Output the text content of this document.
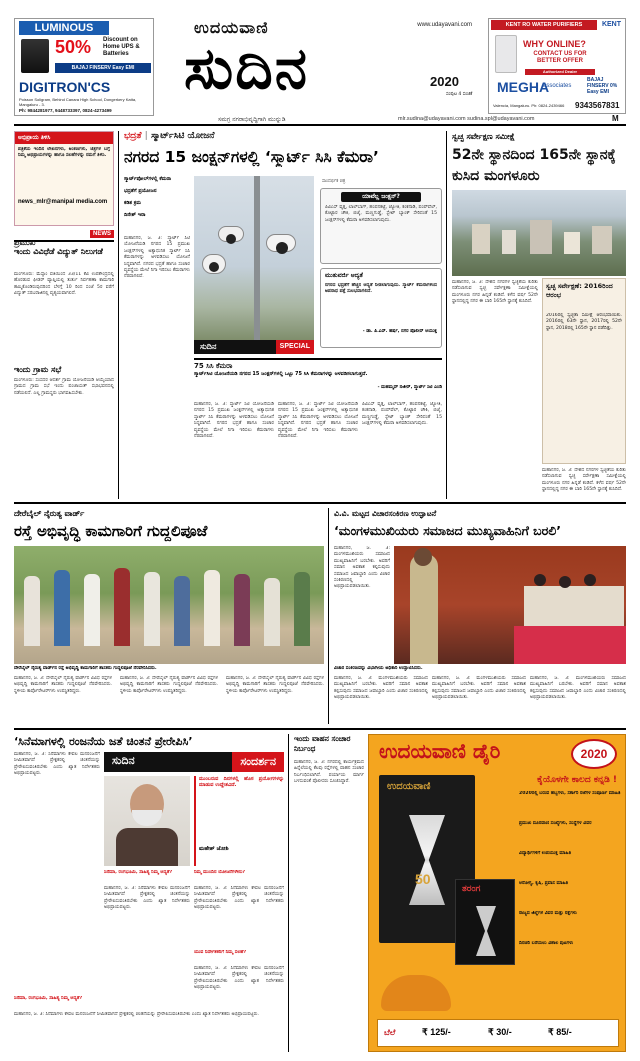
LUMINOUS
50% Discount on Home UPS & Batteries
BAJAJ FINSERV Easy EMI
DIGITRON'CS
Poisson Soligram, Behind Canara High School, Dongerkery Katta, Mangaluru - 3.
Ph: 9844281977, 9448733397, 0824-4273499
ಉದಯವಾಣಿ	www.udayavani.com
ಸುದಿನ	2020
ಸಂಪುಟ 4 ಸಂಚಿಕೆ
ಸಮಗ್ರ ನಗರಾಭಿವೃದ್ಧಿಗಾಗಿ ಮುನ್ನುಡಿ	mlr.sudina@udayavani.com sudina.spl@udayavani.com	M
KENT RO WATER PURIFIERS	KENT
WHY ONLINE?
CONTACT US FOR BETTER OFFER
Authorized Dealer
MEGHA
associates
BAJAJ FINSERV 0% Easy EMI
Valencia, Mangaluru. Ph: 0824-2439466	9343567831
ಅಭಿಪ್ರಾಯ ತಿಳಿಸಿ
ಪತ್ರಿಕೆಯ ಇಂದಿನ ಲೇಖನಗಳು, ಅಂಕಣಗಳು, ಚಿತ್ರಗಳ ಬಗ್ಗೆ ನಿಮ್ಮ ಅಭಿಪ್ರಾಯಗಳನ್ನು ಹಾಗೂ ಸಲಹೆಗಳನ್ನು ನಮಗೆ ತಿಳಿಸಿ.
news_mlr@manipal media.com
ಪ್ರಮುಖ
NEWS
ಇಂದು ವಿವಿಧೆಡೆ ವಿದ್ಯುತ್ ನಿಲುಗಡೆ
ಮಂಗಳೂರು: ಮೆಸ್ಕಾಂ ವತಿಯಿಂದ 33/11 ಕೆವಿ ಉಪಕೇಂದ್ರದಲ್ಲಿ ಹೊರಡುವ ಫೀಡರ್ ವ್ಯಾಪ್ತಿಯಲ್ಲಿ ತುರ್ತು ನಿರ್ವಹಣಾ ಕಾಮಗಾರಿ ಹಮ್ಮಿಕೊಂಡಿರುವುದರಿಂದ ಬೆಳಗ್ಗೆ 10 ರಿಂದ ಸಂಜೆ 5ರ ವರೆಗೆ ವಿದ್ಯುತ್ ಸರಬರಾಜಿನಲ್ಲಿ ವ್ಯತ್ಯಯವಾಗಲಿದೆ.
ಇಂದು ಗ್ರಾಮ ಸಭೆ
ಮಂಗಳೂರು: ಸಂಸದರ ಆದರ್ಶ ಗ್ರಾಮ ಯೋಜನೆಯಡಿ ಆಯ್ಕೆಯಾದ ಗ್ರಾಮದ ಗ್ರಾಮ ಸಭೆ ಇಂದು ಪಂಚಾಯತ್ ಸಭಾಭವನದಲ್ಲಿ ನಡೆಯಲಿದೆ. ಎಲ್ಲ ಗ್ರಾಮಸ್ಥರು ಭಾಗವಹಿಸಬೇಕು.
ಭದ್ರತೆ | ಸ್ಮಾರ್ಟ್‌ಸಿಟಿ ಯೋಜನೆ
ನಗರದ 15 ಜಂಕ್ಷನ್‌ಗಳಲ್ಲಿ ‘ಸ್ಮಾರ್ಟ್ ಸಿಸಿ ಕೆಮರಾ’
ಸ್ಮಾರ್ಟ್‌ಪೋಲ್‌ಗಳಲ್ಲಿ ಕೆಮರಾ
ಭದ್ರತೆಗೆ ಪ್ರಯೋಜನ
ಕಡಿತ ಕ್ರಮ
ದಿನೇಶ್ ಇರಾ
ಮಹಾನಗರ, ಜ. 3: ಸ್ಮಾರ್ಟ್‌ ಸಿಟಿ ಯೋಜನೆಯಡಿ ನಗರದ 15 ಪ್ರಮುಖ ಜಂಕ್ಷನ್‌ಗಳಲ್ಲಿ ಅತ್ಯಾಧುನಿಕ ಸ್ಮಾರ್ಟ್ ಸಿಸಿ ಕೆಮರಾಗಳನ್ನು ಅಳವಡಿಸಲು ಯೋಜನೆ ಸಿದ್ಧವಾಗಿದೆ. ನಗರದ ಭದ್ರತೆ ಹಾಗೂ ಸಂಚಾರ ವ್ಯವಸ್ಥೆಯ ಮೇಲೆ ನಿಗಾ ಇರಿಸಲು ಕೆಮರಾಗಳು ನೆರವಾಗಲಿವೆ.
ಸಾಂದರ್ಭಿಕ ಚಿತ್ರ
ಸುದಿನ	SPECIAL
ಯಾವೆಲ್ಲ ಜಂಕ್ಷನ್?
ಪಿವಿಎಸ್ ವೃತ್ತ, ಲಾಲ್‌ಬಾಗ್, ಹಂಪನಕಟ್ಟೆ, ಜ್ಯೋತಿ, ಕಂಕನಾಡಿ, ಪಂಪ್‌ವೆಲ್, ಕೊಟ್ಟಾರ ಚೌಕಿ, ಬಿಜೈ, ಮಣ್ಣಗುಡ್ಡೆ, ಸ್ಟೇಟ್ ಬ್ಯಾಂಕ್ ಸೇರಿದಂತೆ 15 ಜಂಕ್ಷನ್‌ಗಳಲ್ಲಿ ಕೆಮರಾ ಅಳವಡಿಸಲಾಗುವುದು.
ಮುತುವರ್ಜಿ ಆದ್ಯತೆ
ನಗರದ ಭದ್ರತೆಗೆ ಹೆಚ್ಚಿನ ಆದ್ಯತೆ ನೀಡಲಾಗುವುದು. ಸ್ಮಾರ್ಟ್ ಕೆಮರಾಗಳಿಂದ ಅಪರಾಧ ಪತ್ತೆ ಸುಲಭವಾಗಲಿದೆ.
- ಡಾ. ಪಿ.ಎಸ್. ಹರ್ಷ, ನಗರ ಪೊಲೀಸ್ ಆಯುಕ್ತ
75 ಸಿಸಿ ಕೆಮರಾ
ಸ್ಮಾರ್ಟ್‌ಸಿಟಿ ಯೋಜನೆಯಡಿ ನಗರದ 15 ಜಂಕ್ಷನ್‌ಗಳಲ್ಲಿ ಒಟ್ಟು 75 ಸಿಸಿ ಕೆಮರಾಗಳನ್ನು ಅಳವಡಿಸಲಾಗುತ್ತದೆ.
- ಮಹಮ್ಮದ್ ನಜೀರ್, ಸ್ಮಾರ್ಟ್ ಸಿಟಿ ಎಂಡಿ
ಮಹಾನಗರ, ಜ. 3: ಸ್ಮಾರ್ಟ್‌ ಸಿಟಿ ಯೋಜನೆಯಡಿ ನಗರದ 15 ಪ್ರಮುಖ ಜಂಕ್ಷನ್‌ಗಳಲ್ಲಿ ಅತ್ಯಾಧುನಿಕ ಸ್ಮಾರ್ಟ್ ಸಿಸಿ ಕೆಮರಾಗಳನ್ನು ಅಳವಡಿಸಲು ಯೋಜನೆ ಸಿದ್ಧವಾಗಿದೆ. ನಗರದ ಭದ್ರತೆ ಹಾಗೂ ಸಂಚಾರ ವ್ಯವಸ್ಥೆಯ ಮೇಲೆ ನಿಗಾ ಇರಿಸಲು ಕೆಮರಾಗಳು ನೆರವಾಗಲಿವೆ.
ಮಹಾನಗರ, ಜ. 3: ಸ್ಮಾರ್ಟ್‌ ಸಿಟಿ ಯೋಜನೆಯಡಿ ನಗರದ 15 ಪ್ರಮುಖ ಜಂಕ್ಷನ್‌ಗಳಲ್ಲಿ ಅತ್ಯಾಧುನಿಕ ಸ್ಮಾರ್ಟ್ ಸಿಸಿ ಕೆಮರಾಗಳನ್ನು ಅಳವಡಿಸಲು ಯೋಜನೆ ಸಿದ್ಧವಾಗಿದೆ. ನಗರದ ಭದ್ರತೆ ಹಾಗೂ ಸಂಚಾರ ವ್ಯವಸ್ಥೆಯ ಮೇಲೆ ನಿಗಾ ಇರಿಸಲು ಕೆಮರಾಗಳು ನೆರವಾಗಲಿವೆ.
ಪಿವಿಎಸ್ ವೃತ್ತ, ಲಾಲ್‌ಬಾಗ್, ಹಂಪನಕಟ್ಟೆ, ಜ್ಯೋತಿ, ಕಂಕನಾಡಿ, ಪಂಪ್‌ವೆಲ್, ಕೊಟ್ಟಾರ ಚೌಕಿ, ಬಿಜೈ, ಮಣ್ಣಗುಡ್ಡೆ, ಸ್ಟೇಟ್ ಬ್ಯಾಂಕ್ ಸೇರಿದಂತೆ 15 ಜಂಕ್ಷನ್‌ಗಳಲ್ಲಿ ಕೆಮರಾ ಅಳವಡಿಸಲಾಗುವುದು.
ಸ್ವಚ್ಛ ಸರ್ವೇಕ್ಷಣ ಸಮೀಕ್ಷೆ
52ನೇ ಸ್ಥಾನದಿಂದ 165ನೇ ಸ್ಥಾನಕ್ಕೆ ಕುಸಿದ ಮಂಗಳೂರು
ಮಹಾನಗರ, ಜ. 3: ದೇಶದ ನಗರಗಳ ಸ್ವಚ್ಛತೆಯ ಕುರಿತು ನಡೆಸಲಾಗುವ ಸ್ವಚ್ಛ ಸರ್ವೇಕ್ಷಣಾ ಸಮೀಕ್ಷೆಯಲ್ಲಿ ಮಂಗಳೂರು ನಗರ ಹಿನ್ನಡೆ ಕಂಡಿದೆ. ಕಳೆದ ವರ್ಷ 52ನೇ ಸ್ಥಾನದಲ್ಲಿದ್ದ ನಗರ ಈ ಬಾರಿ 165ನೇ ಸ್ಥಾನಕ್ಕೆ ಕುಸಿದಿದೆ.
ಸ್ವಚ್ಛ ಸರ್ವೇಕ್ಷಣೆ: 2016ರಿಂದ ಆರಂಭ
2016ರಲ್ಲಿ ಸ್ವಚ್ಛತಾ ಸಮೀಕ್ಷೆ ಆರಂಭವಾಯಿತು. 2016ರಲ್ಲಿ 63ನೇ ಸ್ಥಾನ, 2017ರಲ್ಲಿ 52ನೇ ಸ್ಥಾನ, 2018ರಲ್ಲಿ 165ನೇ ಸ್ಥಾನ ಪಡೆದಿತ್ತು.
ಮಹಾನಗರ, ಜ. 3: ದೇಶದ ನಗರಗಳ ಸ್ವಚ್ಛತೆಯ ಕುರಿತು ನಡೆಸಲಾಗುವ ಸ್ವಚ್ಛ ಸರ್ವೇಕ್ಷಣಾ ಸಮೀಕ್ಷೆಯಲ್ಲಿ ಮಂಗಳೂರು ನಗರ ಹಿನ್ನಡೆ ಕಂಡಿದೆ. ಕಳೆದ ವರ್ಷ 52ನೇ ಸ್ಥಾನದಲ್ಲಿದ್ದ ನಗರ ಈ ಬಾರಿ 165ನೇ ಸ್ಥಾನಕ್ಕೆ ಕುಸಿದಿದೆ.
ದೇರೆಬೈಲ್ ನೈರುತ್ಯ ವಾರ್ಡ್
ರಸ್ತೆ ಅಭಿವೃದ್ಧಿ ಕಾಮಗಾರಿಗೆ ಗುದ್ದಲಿಪೂಜೆ
ದೇರೆಬೈಲ್ ನೈರುತ್ಯ ವಾರ್ಡ್‌ನ ರಸ್ತೆ ಅಭಿವೃದ್ಧಿ ಕಾಮಗಾರಿಗೆ ಶಾಸಕರು ಗುದ್ದಲಿಪೂಜೆ ನೆರವೇರಿಸಿದರು.
ಮಹಾನಗರ, ಜ. 3: ದೇರೆಬೈಲ್ ನೈರುತ್ಯ ವಾರ್ಡ್‌ನ ವಿವಿಧ ರಸ್ತೆಗಳ ಅಭಿವೃದ್ಧಿ ಕಾಮಗಾರಿಗೆ ಶಾಸಕರು ಗುದ್ದಲಿಪೂಜೆ ನೆರವೇರಿಸಿದರು. ಸ್ಥಳೀಯ ಕಾರ್ಪೊರೇಟರ್‌ಗಳು ಉಪಸ್ಥಿತರಿದ್ದರು.
ಮಹಾನಗರ, ಜ. 3: ದೇರೆಬೈಲ್ ನೈರುತ್ಯ ವಾರ್ಡ್‌ನ ವಿವಿಧ ರಸ್ತೆಗಳ ಅಭಿವೃದ್ಧಿ ಕಾಮಗಾರಿಗೆ ಶಾಸಕರು ಗುದ್ದಲಿಪೂಜೆ ನೆರವೇರಿಸಿದರು. ಸ್ಥಳೀಯ ಕಾರ್ಪೊರೇಟರ್‌ಗಳು ಉಪಸ್ಥಿತರಿದ್ದರು.
ಮಹಾನಗರ, ಜ. 3: ದೇರೆಬೈಲ್ ನೈರುತ್ಯ ವಾರ್ಡ್‌ನ ವಿವಿಧ ರಸ್ತೆಗಳ ಅಭಿವೃದ್ಧಿ ಕಾಮಗಾರಿಗೆ ಶಾಸಕರು ಗುದ್ದಲಿಪೂಜೆ ನೆರವೇರಿಸಿದರು. ಸ್ಥಳೀಯ ಕಾರ್ಪೊರೇಟರ್‌ಗಳು ಉಪಸ್ಥಿತರಿದ್ದರು.
ವಿ.ವಿ. ಮಟ್ಟದ ವಿಚಾರಸಂಕಿರಣ ಉದ್ಘಾಟನೆ
‘ಮಂಗಳಮುಖಿಯರು ಸಮಾಜದ ಮುಖ್ಯವಾಹಿನಿಗೆ ಬರಲಿ’
ಮಹಾನಗರ, ಜ. 3: ಮಂಗಳಮುಖಿಯರು ಸಮಾಜದ ಮುಖ್ಯವಾಹಿನಿಗೆ ಬರಬೇಕು. ಅವರಿಗೆ ಸಮಾನ ಅವಕಾಶ ಕಲ್ಪಿಸುವುದು ಸಮಾಜದ ಜವಾಬ್ದಾರಿ ಎಂದು ವಿಚಾರ ಸಂಕಿರಣದಲ್ಲಿ ಅಭಿಪ್ರಾಯಪಡಲಾಯಿತು.
ವಿಚಾರ ಸಂಕಿರಣವನ್ನು ವಿಭಾಗೀಯ ಅಧಿಕಾರಿ ಉದ್ಘಾಟಿಸಿದರು.
ಮಹಾನಗರ, ಜ. 3: ಮಂಗಳಮುಖಿಯರು ಸಮಾಜದ ಮುಖ್ಯವಾಹಿನಿಗೆ ಬರಬೇಕು. ಅವರಿಗೆ ಸಮಾನ ಅವಕಾಶ ಕಲ್ಪಿಸುವುದು ಸಮಾಜದ ಜವಾಬ್ದಾರಿ ಎಂದು ವಿಚಾರ ಸಂಕಿರಣದಲ್ಲಿ ಅಭಿಪ್ರಾಯಪಡಲಾಯಿತು.
ಮಹಾನಗರ, ಜ. 3: ಮಂಗಳಮುಖಿಯರು ಸಮಾಜದ ಮುಖ್ಯವಾಹಿನಿಗೆ ಬರಬೇಕು. ಅವರಿಗೆ ಸಮಾನ ಅವಕಾಶ ಕಲ್ಪಿಸುವುದು ಸಮಾಜದ ಜವಾಬ್ದಾರಿ ಎಂದು ವಿಚಾರ ಸಂಕಿರಣದಲ್ಲಿ ಅಭಿಪ್ರಾಯಪಡಲಾಯಿತು.
ಮಹಾನಗರ, ಜ. 3: ಮಂಗಳಮುಖಿಯರು ಸಮಾಜದ ಮುಖ್ಯವಾಹಿನಿಗೆ ಬರಬೇಕು. ಅವರಿಗೆ ಸಮಾನ ಅವಕಾಶ ಕಲ್ಪಿಸುವುದು ಸಮಾಜದ ಜವಾಬ್ದಾರಿ ಎಂದು ವಿಚಾರ ಸಂಕಿರಣದಲ್ಲಿ ಅಭಿಪ್ರಾಯಪಡಲಾಯಿತು.
‘ಸಿನೆಮಾಗಳಲ್ಲಿ ರಂಜನೆಯ ಜತೆ ಚಿಂತನೆ ಪ್ರೇರೇಪಿಸಿ’
ಮಹಾನಗರ, ಜ. 3: ಸಿನೆಮಾಗಳು ಕೇವಲ ಮನರಂಜನೆಗೆ ಸೀಮಿತವಾಗದೆ ಪ್ರೇಕ್ಷಕರಲ್ಲಿ ಚಿಂತನೆಯನ್ನು ಪ್ರೇರೇಪಿಸುವಂತಿರಬೇಕು ಎಂದು ಖ್ಯಾತ ನಿರ್ದೇಶಕರು ಅಭಿಪ್ರಾಯಪಟ್ಟರು.
ಸುದಿನ	ಸಂದರ್ಶನ
ಮುಂಬರುವ ದಿನಗಳಲ್ಲಿ ಹೊಸ ಪ್ರಯೋಗಗಳನ್ನು ಮಾಡುವ ಉದ್ದೇಶವಿದೆ.
ಮಹೇಶ್ ಜೋಶಿ
ಸಿನೆಮಾ, ರಂಗಭೂಮಿ, ಸಾಹಿತ್ಯ ನಿಮ್ಮ ಆದ್ಯತೆ?
ಮಹಾನಗರ, ಜ. 3: ಸಿನೆಮಾಗಳು ಕೇವಲ ಮನರಂಜನೆಗೆ ಸೀಮಿತವಾಗದೆ ಪ್ರೇಕ್ಷಕರಲ್ಲಿ ಚಿಂತನೆಯನ್ನು ಪ್ರೇರೇಪಿಸುವಂತಿರಬೇಕು ಎಂದು ಖ್ಯಾತ ನಿರ್ದೇಶಕರು ಅಭಿಪ್ರಾಯಪಟ್ಟರು.
ನಿಮ್ಮ ಮುಂದಿನ ಯೋಜನೆಗಳೇನು?
ಮಹಾನಗರ, ಜ. 3: ಸಿನೆಮಾಗಳು ಕೇವಲ ಮನರಂಜನೆಗೆ ಸೀಮಿತವಾಗದೆ ಪ್ರೇಕ್ಷಕರಲ್ಲಿ ಚಿಂತನೆಯನ್ನು ಪ್ರೇರೇಪಿಸುವಂತಿರಬೇಕು ಎಂದು ಖ್ಯಾತ ನಿರ್ದೇಶಕರು ಅಭಿಪ್ರಾಯಪಟ್ಟರು.
ಯುವ ನಿರ್ದೇಶಕರಿಗೆ ನಿಮ್ಮ ಸಲಹೆ?
ಮಹಾನಗರ, ಜ. 3: ಸಿನೆಮಾಗಳು ಕೇವಲ ಮನರಂಜನೆಗೆ ಸೀಮಿತವಾಗದೆ ಪ್ರೇಕ್ಷಕರಲ್ಲಿ ಚಿಂತನೆಯನ್ನು ಪ್ರೇರೇಪಿಸುವಂತಿರಬೇಕು ಎಂದು ಖ್ಯಾತ ನಿರ್ದೇಶಕರು ಅಭಿಪ್ರಾಯಪಟ್ಟರು.
ಸಿನೆಮಾ, ರಂಗಭೂಮಿ, ಸಾಹಿತ್ಯ ನಿಮ್ಮ ಆದ್ಯತೆ?
ಮಹಾನಗರ, ಜ. 3: ಸಿನೆಮಾಗಳು ಕೇವಲ ಮನರಂಜನೆಗೆ ಸೀಮಿತವಾಗದೆ ಪ್ರೇಕ್ಷಕರಲ್ಲಿ ಚಿಂತನೆಯನ್ನು ಪ್ರೇರೇಪಿಸುವಂತಿರಬೇಕು ಎಂದು ಖ್ಯಾತ ನಿರ್ದೇಶಕರು ಅಭಿಪ್ರಾಯಪಟ್ಟರು.
ಇಂದು ವಾಹನ ಸಂಚಾರ ನಿರ್ಬಂಧ
ಮಹಾನಗರ, ಜ. 3: ನಗರದಲ್ಲಿ ಕಾರ್ಯಕ್ರಮದ ಹಿನ್ನೆಲೆಯಲ್ಲಿ ಕೆಲವು ರಸ್ತೆಗಳಲ್ಲಿ ವಾಹನ ಸಂಚಾರ ನಿರ್ಬಂಧಿಸಲಾಗಿದೆ. ಪರ್ಯಾಯ ಮಾರ್ಗ ಬಳಸುವಂತೆ ಪೊಲೀಸರು ಸೂಚಿಸಿದ್ದಾರೆ.
ಉದಯವಾಣಿ ಡೈರಿ	2020
ಕೈಯೊಳಗೇ ಕಾಲದ ಕನ್ನಡಿ !
ಉದಯವಾಣಿ
50
ತರಂಗ
2020ರಲ್ಲಿ ಬರುವ ಹಬ್ಬಗಳು, ಸರ್ಕಾರಿ ರಜೆಗಳ ಸಂಪೂರ್ಣ ಮಾಹಿತಿ
ಪ್ರಮುಖ ದೂರವಾಣಿ ಸಂಖ್ಯೆಗಳು, ಸಂಸ್ಥೆಗಳ ವಿವರ
ವಿದ್ಯಾರ್ಥಿಗಳಿಗೆ ಉಪಯುಕ್ತ ಮಾಹಿತಿ
ಆರೋಗ್ಯ, ಕೃಷಿ, ಪ್ರವಾಸ ಮಾಹಿತಿ
ರಾಜ್ಯದ ಜಿಲ್ಲೆಗಳ ವಿವರ ಮತ್ತು ನಕ್ಷೆಗಳು
ದಿನಚರಿ ಬರೆಯಲು ವಿಶಾಲ ಪುಟಗಳು
ಬೆಲೆ	₹ 125/-	₹ 30/-	₹ 85/-
